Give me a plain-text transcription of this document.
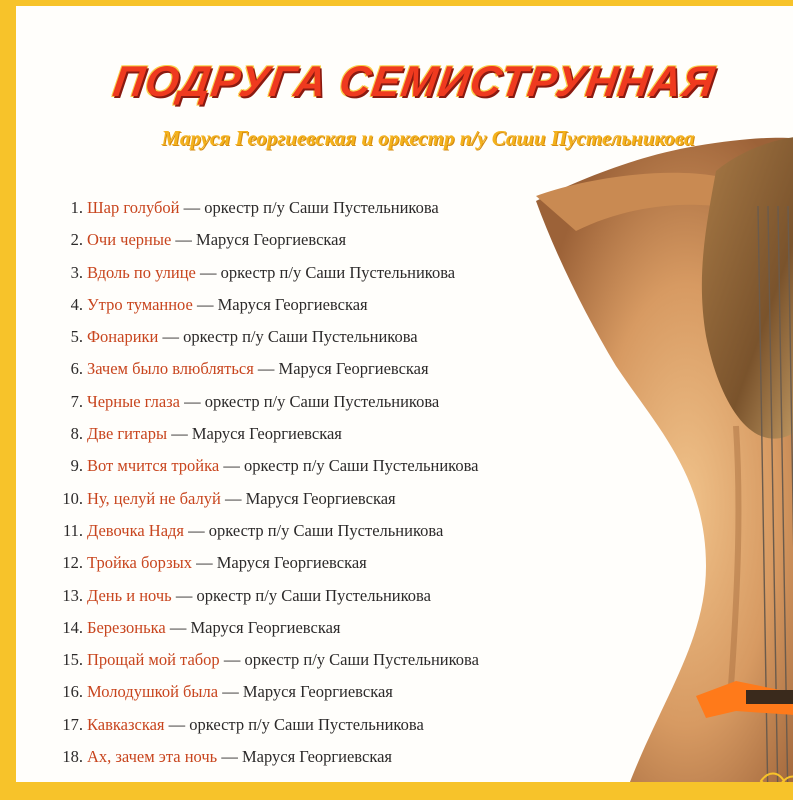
ПОДРУГА СЕМИСТРУННАЯ
Маруся Георгиевская и оркестр п/у Саши Пустельникова
1. Шар голубой — оркестр п/у Саши Пустельникова
2. Очи черные — Маруся Георгиевская
3. Вдоль по улице — оркестр п/у Саши Пустельникова
4. Утро туманное — Маруся Георгиевская
5. Фонарики — оркестр п/у Саши Пустельникова
6. Зачем было влюбляться — Маруся Георгиевская
7. Черные глаза — оркестр п/у Саши Пустельникова
8. Две гитары — Маруся Георгиевская
9. Вот мчится тройка — оркестр п/у Саши Пустельникова
10. Ну, целуй не балуй — Маруся Георгиевская
11. Девочка Надя — оркестр п/у Саши Пустельникова
12. Тройка борзых — Маруся Георгиевская
13. День и ночь — оркестр п/у Саши Пустельникова
14. Березонька — Маруся Георгиевская
15. Прощай мой табор — оркестр п/у Саши Пустельникова
16. Молодушкой была — Маруся Георгиевская
17. Кавказская — оркестр п/у Саши Пустельникова
18. Ах, зачем эта ночь — Маруся Георгиевская
